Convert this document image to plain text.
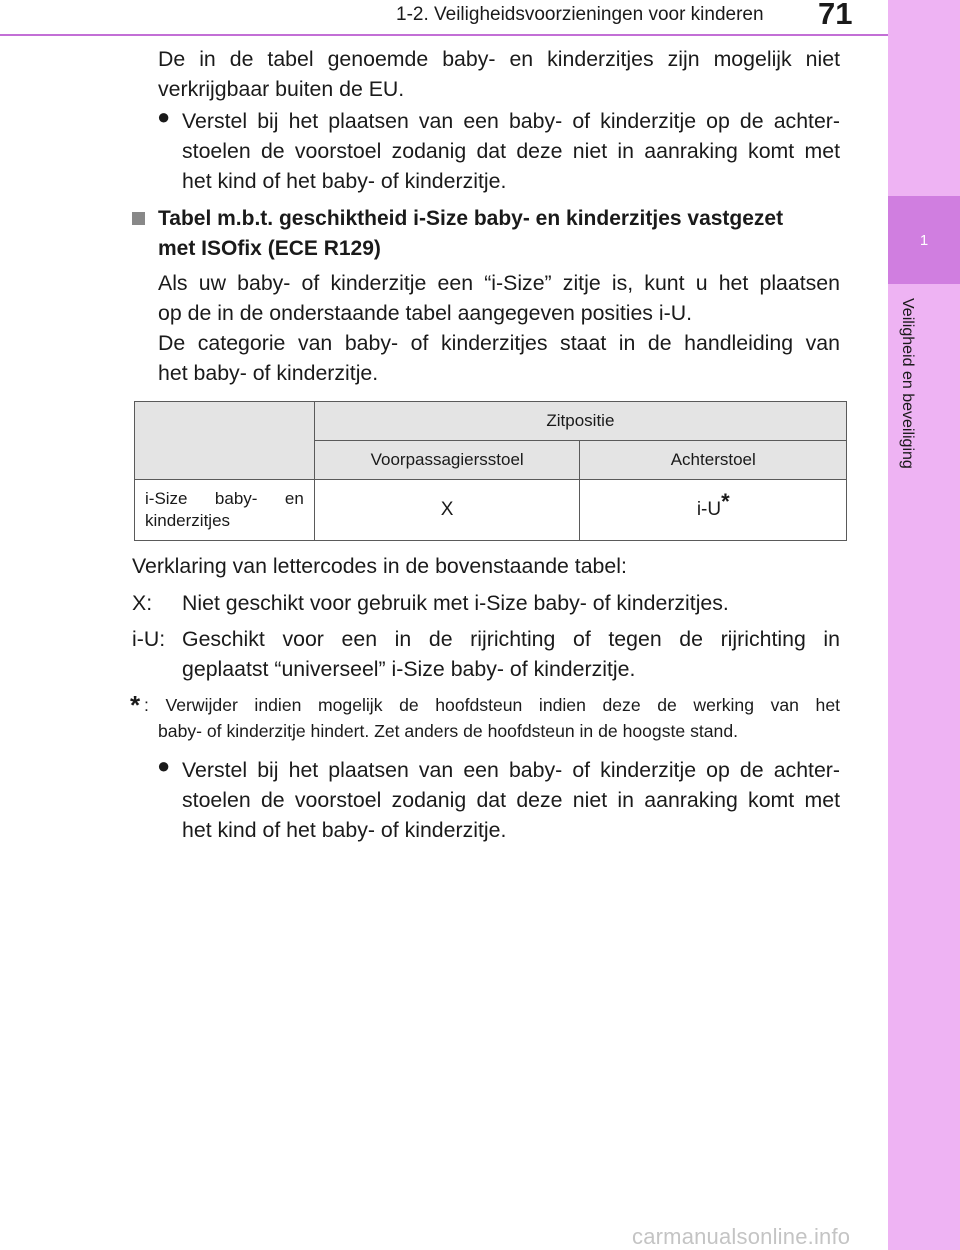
1-2. Veiligheidsvoorzieningen voor kinderen 71
1
Veiligheid en beveiliging
De in de tabel genoemde baby- en kinderzitjes zijn mogelijk niet
verkrijgbaar buiten de EU.
● Verstel bij het plaatsen van een baby- of kinderzitje op de achter-
stoelen de voorstoel zodanig dat deze niet in aanraking komt met
het kind of het baby- of kinderzitje.
Tabel m.b.t. geschiktheid i-Size baby- en kinderzitjes vastgezet
met ISOfix (ECE R129)
Als uw baby- of kinderzitje een “i-Size” zitje is, kunt u het plaatsen
op de in de onderstaande tabel aangegeven posities i-U.
De categorie van baby- of kinderzitjes staat in de handleiding van
het baby- of kinderzitje.
	Zitpositie	
	Voorpassagiersstoel	Achterstoel
i-Size baby- en kinderzitjes	X	i-U*
Verklaring van lettercodes in de bovenstaande tabel:
X: Niet geschikt voor gebruik met i-Size baby- of kinderzitjes.
i-U: Geschikt voor een in de rijrichting of tegen de rijrichting in
geplaatst “universeel” i-Size baby- of kinderzitje.
* : Verwijder indien mogelijk de hoofdsteun indien deze de werking van het
baby- of kinderzitje hindert. Zet anders de hoofdsteun in de hoogste stand.
● Verstel bij het plaatsen van een baby- of kinderzitje op de achter-
stoelen de voorstoel zodanig dat deze niet in aanraking komt met
het kind of het baby- of kinderzitje.
carmanualsonline.info
